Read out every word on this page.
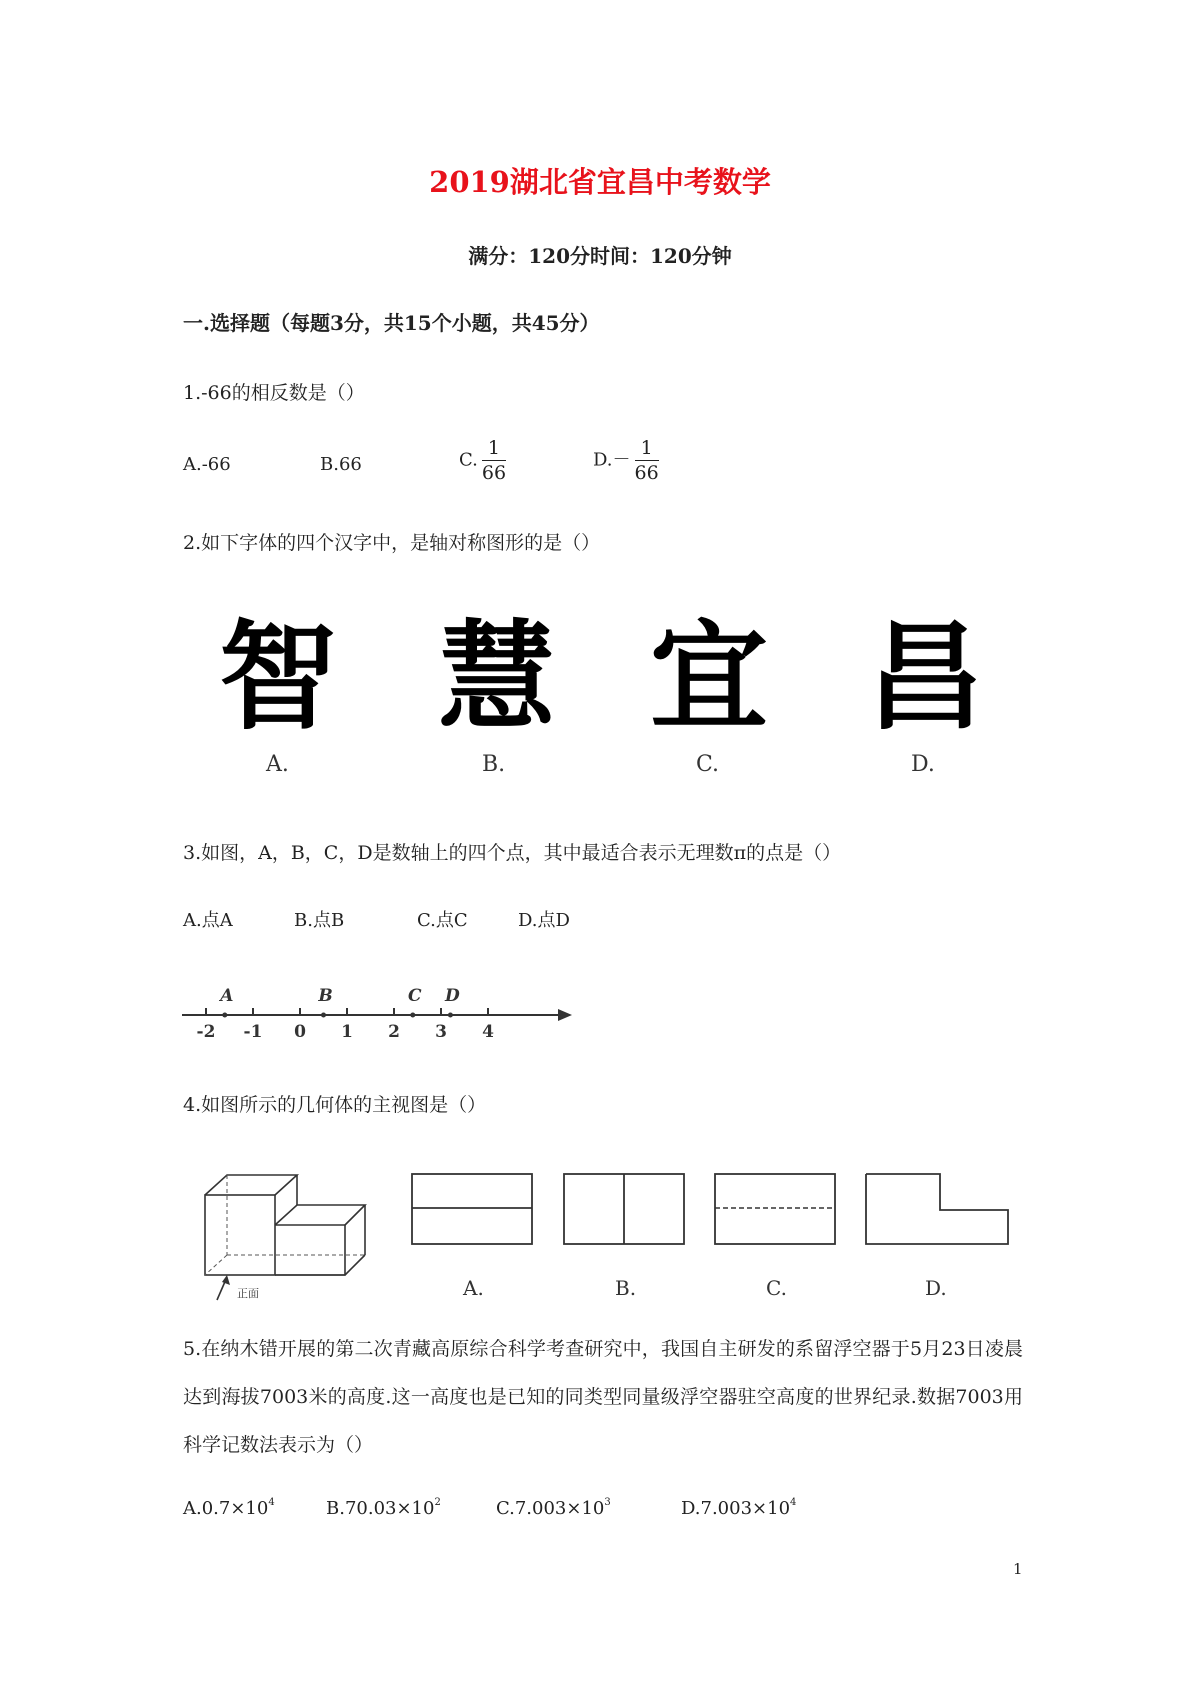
2019湖北省宜昌中考数学
满分：120分时间：120分钟
一.选择题（每题3分，共15个小题，共45分）
1.-66的相反数是（）
A.-66	B.66	C. $\frac{1}{66}$	$D.- \frac{1}{66}$
2.如下字体的四个汉字中，是轴对称图形的是（）
智 慧 宜 昌
A.	B.	C.	D.
3.如图，A，B，C，D是数轴上的四个点，其中最适合表示无理数π的点是（）
A.点A	B.点B	C.点C	D.点D
-2 -1 0 1 2 3 4
A	B	C D
4.如图所示的几何体的主视图是（）
正面	A.	B.	C.	D.
5.在纳木错开展的第二次青藏高原综合科学考查研究中，我国自主研发的系留浮空器于5月23日凌晨达到海拔7003米的高度.这一高度也是已知的同类型同量级浮空器驻空高度的世界纪录.数据7003用科学记数法表示为（）
$A.0.7\times 10^4$	$B.70.03\times 10^2$	$C.7.003\times 10^3$	$D.7.003\times 10^4$
1
